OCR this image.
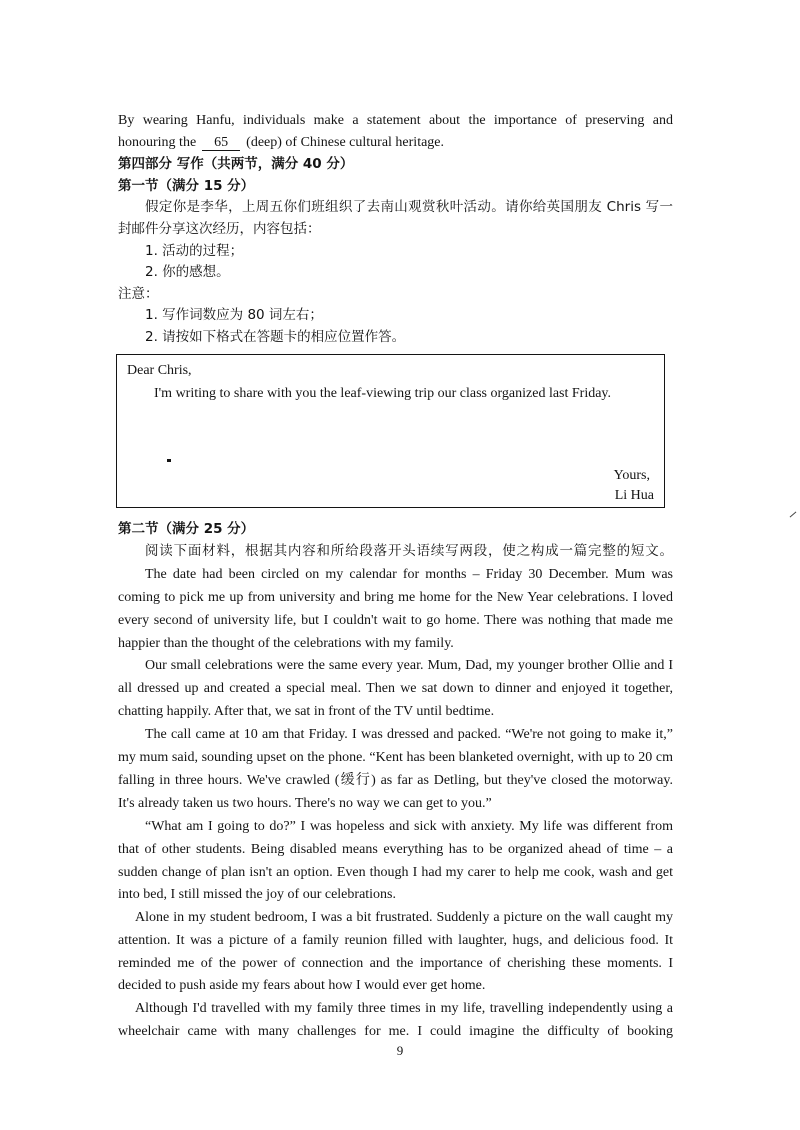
By wearing Hanfu, individuals make a statement about the importance of preserving and
honouring the 65 (deep) of Chinese cultural heritage.
第四部分 写作（共两节，满分 40 分）
第一节（满分 15 分）
假定你是李华，上周五你们班组织了去南山观赏秋叶活动。请你给英国朋友 Chris 写一
封邮件分享这次经历，内容包括：
1. 活动的过程；
2. 你的感想。
注意：
1. 写作词数应为 80 词左右；
2. 请按如下格式在答题卡的相应位置作答。
Dear Chris,
I'm writing to share with you the leaf-viewing trip our class organized last Friday.
Yours,
Li Hua
第二节（满分 25 分）
阅读下面材料，根据其内容和所给段落开头语续写两段，使之构成一篇完整的短文。
The date had been circled on my calendar for months – Friday 30 December. Mum was
coming to pick me up from university and bring me home for the New Year celebrations. I loved
every second of university life, but I couldn't wait to go home. There was nothing that made me
happier than the thought of the celebrations with my family.
Our small celebrations were the same every year. Mum, Dad, my younger brother Ollie and I
all dressed up and created a special meal. Then we sat down to dinner and enjoyed it together,
chatting happily. After that, we sat in front of the TV until bedtime.
The call came at 10 am that Friday. I was dressed and packed. “We're not going to make it,”
my mum said, sounding upset on the phone. “Kent has been blanketed overnight, with up to 20 cm
falling in three hours. We've crawled (缓行) as far as Detling, but they've closed the motorway.
It's already taken us two hours. There's no way we can get to you.”
“What am I going to do?” I was hopeless and sick with anxiety. My life was different from
that of other students. Being disabled means everything has to be organized ahead of time – a
sudden change of plan isn't an option. Even though I had my carer to help me cook, wash and get
into bed, I still missed the joy of our celebrations.
Alone in my student bedroom, I was a bit frustrated. Suddenly a picture on the wall caught my
attention. It was a picture of a family reunion filled with laughter, hugs, and delicious food. It
reminded me of the power of connection and the importance of cherishing these moments. I
decided to push aside my fears about how I would ever get home.
Although I'd travelled with my family three times in my life, travelling independently using a
wheelchair came with many challenges for me. I could imagine the difficulty of booking
9
